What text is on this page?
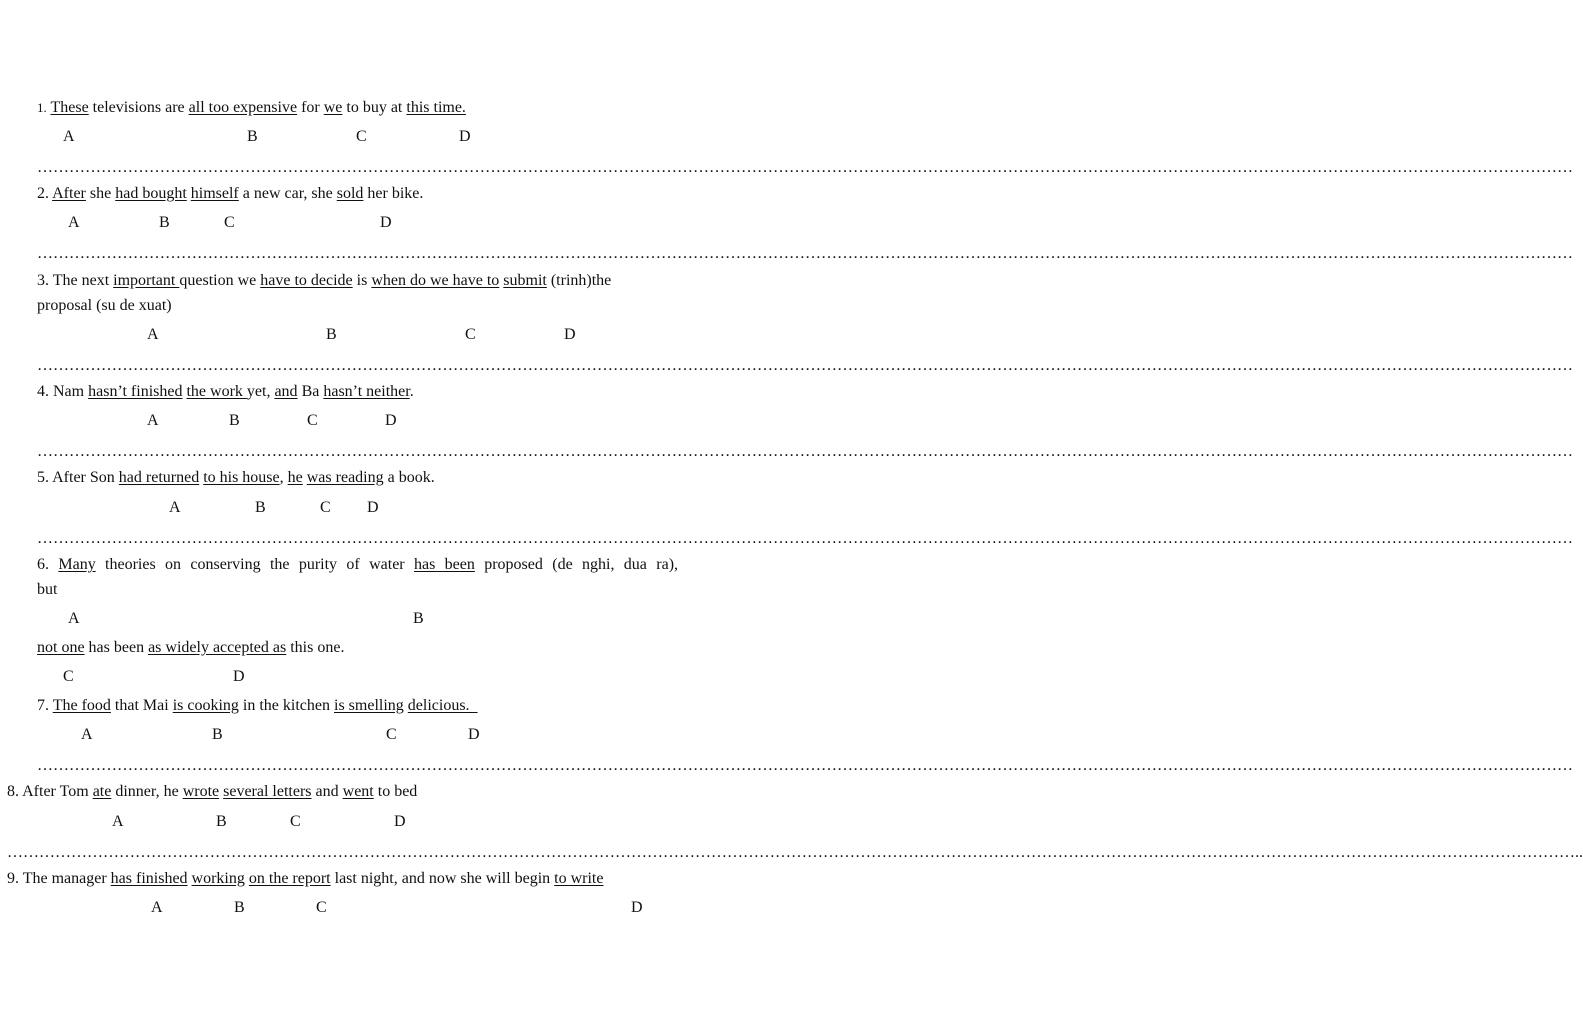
1. These televisions are all too expensive for we to buy at this time.
A	B	C	D
………………………………………………………………………………………………………………………………………………………………………………………………………………………………………………………………
2. After she had bought himself a new car, she sold her bike.
A	B	C	D
………………………………………………………………………………………………………………………………………………………………………………………………………………………………………………………………
3. The next important question we have to decide is when do we have to submit (trinh)the
proposal (su de xuat)
A	B	C	D
………………………………………………………………………………………………………………………………………………………………………………………………………………………………………………………………
4. Nam hasn’t finished the work yet, and Ba hasn’t neither.
A	B	C	D
………………………………………………………………………………………………………………………………………………………………………………………………………………………………………………………………
5. After Son had returned to his house, he was reading a book.
A	B	C D
………………………………………………………………………………………………………………………………………………………………………………………………………………………………………………………………
6. Many theories on conserving the purity of water has been proposed (de nghi, dua ra),
but
A	B
not one has been as widely accepted as this one.
C	D
7. The food that Mai is cooking in the kitchen is smelling delicious.
A	B	C	D
………………………………………………………………………………………………………………………………………………………………………………………………………………………………………………………………
8. After Tom ate dinner, he wrote several letters and went to bed
A	B	C	D
……………………………………………………………………………………………………………………………………………………………………………………………………………………………………………………………………..
9. The manager has finished working on the report last night, and now she will begin to write
A	B	C	D
